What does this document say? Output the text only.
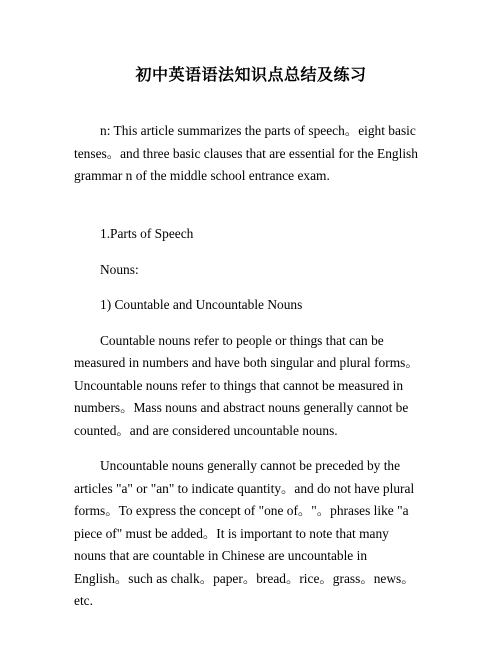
初中英语语法知识点总结及练习

n: This article summarizes the parts of speech。eight basic tenses。and three basic clauses that are essential for the English grammar n of the middle school entrance exam.

1.Parts of Speech

Nouns:

1) Countable and Uncountable Nouns

Countable nouns refer to people or things that can be measured in numbers and have both singular and plural forms。Uncountable nouns refer to things that cannot be measured in numbers。Mass nouns and abstract nouns generally cannot be counted。and are considered uncountable nouns.

Uncountable nouns generally cannot be preceded by the articles "a" or "an" to indicate quantity。and do not have plural forms。To express the concept of "one of。"。phrases like "a piece of" must be added。It is important to note that many nouns that are countable in Chinese are uncountable in English。such as chalk。paper。bread。rice。grass。news。etc.
